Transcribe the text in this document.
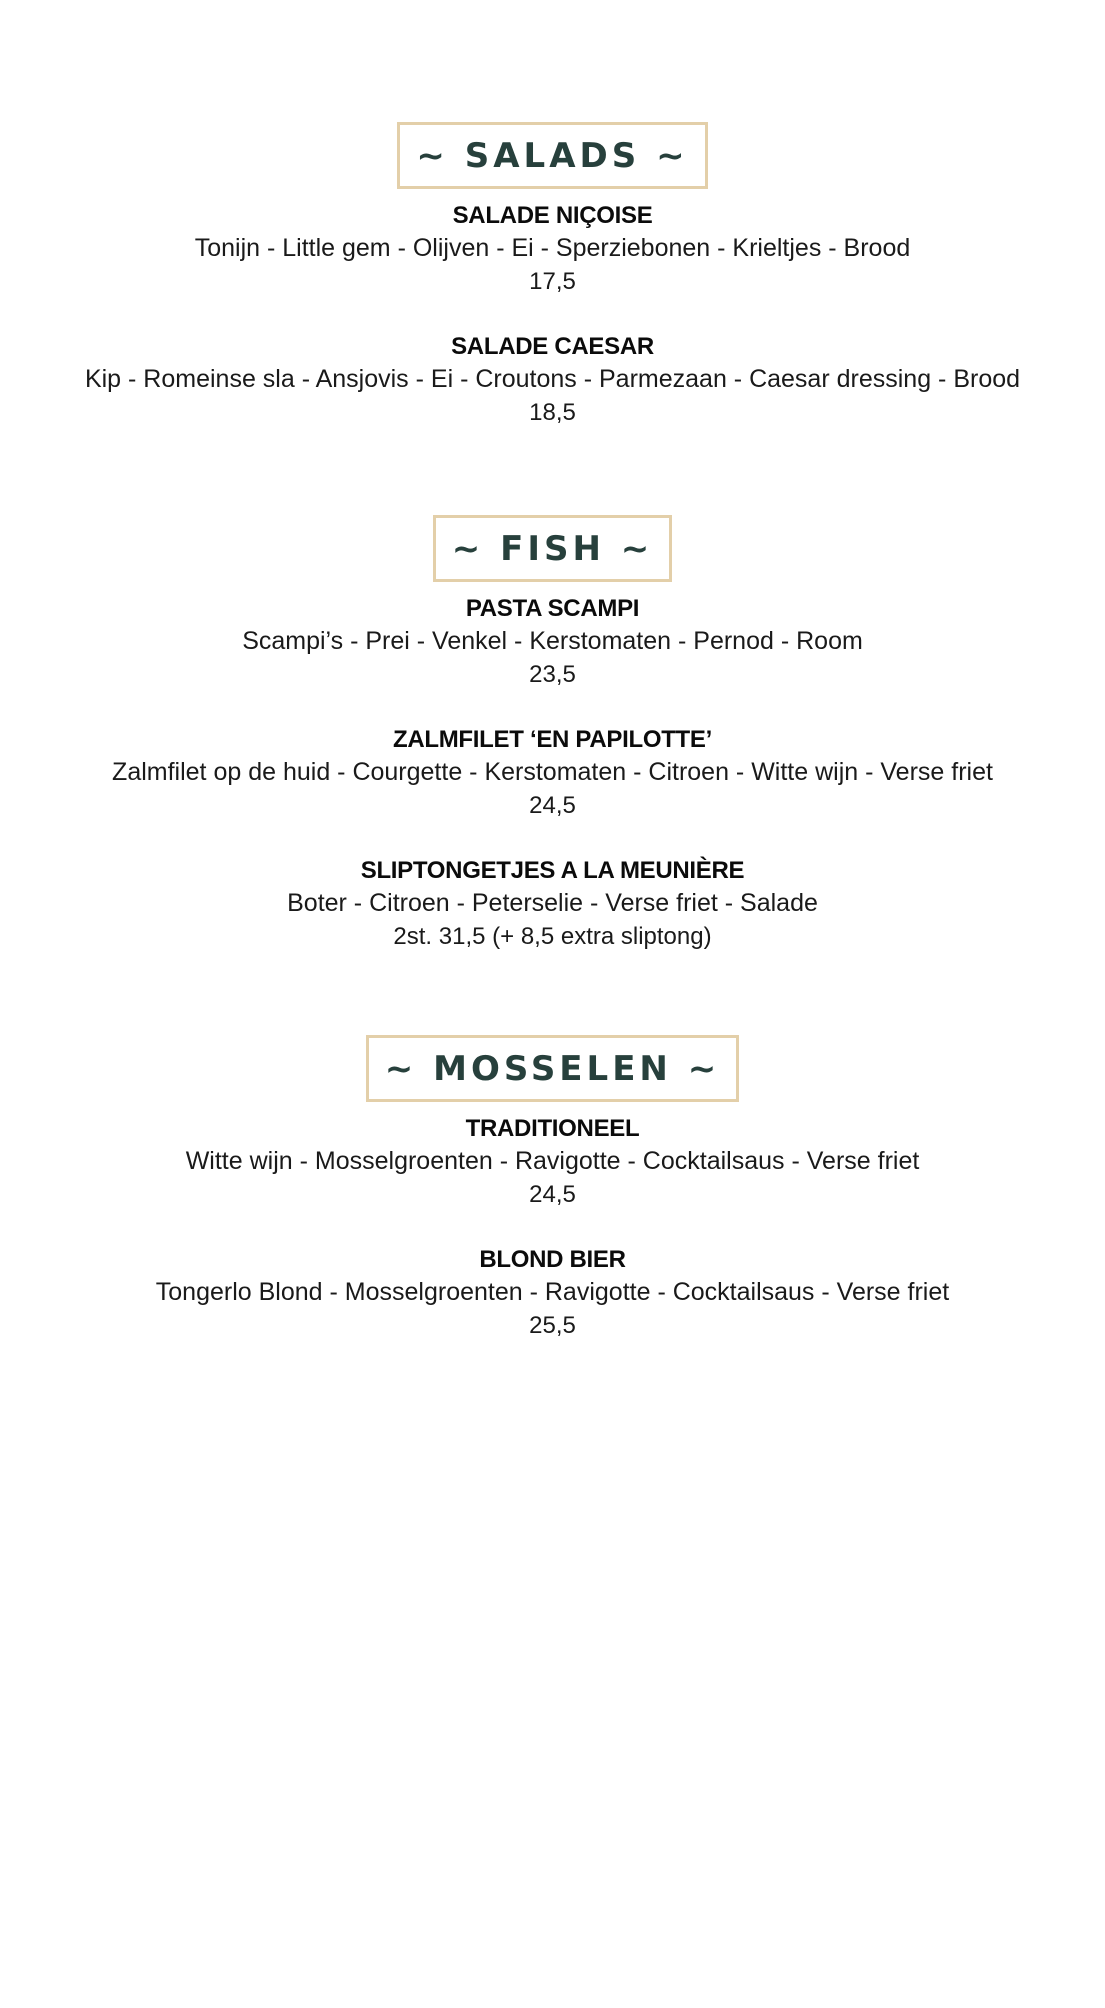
~ SALADS ~
SALADE NIÇOISE
Tonijn - Little gem - Olijven - Ei - Sperziebonen - Krieltjes - Brood
17,5
SALADE CAESAR
Kip - Romeinse sla - Ansjovis - Ei - Croutons - Parmezaan - Caesar dressing - Brood
18,5
~ FISH ~
PASTA SCAMPI
Scampi’s - Prei - Venkel - Kerstomaten - Pernod - Room
23,5
ZALMFILET ‘EN PAPILOTTE’
Zalmfilet op de huid - Courgette - Kerstomaten - Citroen - Witte wijn - Verse friet
24,5
SLIPTONGETJES A LA MEUNIÈRE
Boter - Citroen - Peterselie - Verse friet - Salade
2st. 31,5 (+ 8,5 extra sliptong)
~ MOSSELEN ~
TRADITIONEEL
Witte wijn - Mosselgroenten - Ravigotte - Cocktailsaus - Verse friet
24,5
BLOND BIER
Tongerlo Blond - Mosselgroenten - Ravigotte - Cocktailsaus - Verse friet
25,5
